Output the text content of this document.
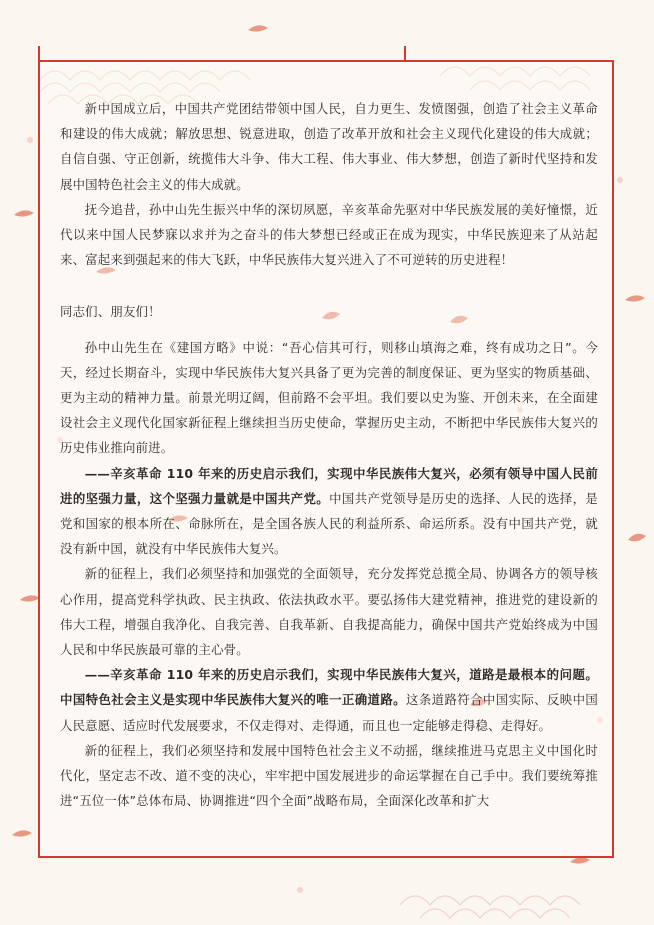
新中国成立后，中国共产党团结带领中国人民，自力更生、发愤图强，创造了社会主义革命和建设的伟大成就；解放思想、锐意进取，创造了改革开放和社会主义现代化建设的伟大成就；自信自强、守正创新，统揽伟大斗争、伟大工程、伟大事业、伟大梦想，创造了新时代坚持和发展中国特色社会主义的伟大成就。

抚今追昔，孙中山先生振兴中华的深切夙愿，辛亥革命先驱对中华民族发展的美好憧憬，近代以来中国人民梦寐以求并为之奋斗的伟大梦想已经或正在成为现实，中华民族迎来了从站起来、富起来到强起来的伟大飞跃，中华民族伟大复兴进入了不可逆转的历史进程！

同志们、朋友们！

孙中山先生在《建国方略》中说：“吾心信其可行，则移山填海之难，终有成功之日”。今天，经过长期奋斗，实现中华民族伟大复兴具备了更为完善的制度保证、更为坚实的物质基础、更为主动的精神力量。前景光明辽阔，但前路不会平坦。我们要以史为鉴、开创未来，在全面建设社会主义现代化国家新征程上继续担当历史使命，掌握历史主动，不断把中华民族伟大复兴的历史伟业推向前进。

——辛亥革命 110 年来的历史启示我们，实现中华民族伟大复兴，必须有领导中国人民前进的坚强力量，这个坚强力量就是中国共产党。中国共产党领导是历史的选择、人民的选择，是党和国家的根本所在、命脉所在，是全国各族人民的利益所系、命运所系。没有中国共产党，就没有新中国，就没有中华民族伟大复兴。

新的征程上，我们必须坚持和加强党的全面领导，充分发挥党总揽全局、协调各方的领导核心作用，提高党科学执政、民主执政、依法执政水平。要弘扬伟大建党精神，推进党的建设新的伟大工程，增强自我净化、自我完善、自我革新、自我提高能力，确保中国共产党始终成为中国人民和中华民族最可靠的主心骨。

——辛亥革命 110 年来的历史启示我们，实现中华民族伟大复兴，道路是最根本的问题。中国特色社会主义是实现中华民族伟大复兴的唯一正确道路。这条道路符合中国实际、反映中国人民意愿、适应时代发展要求，不仅走得对、走得通，而且也一定能够走得稳、走得好。

新的征程上，我们必须坚持和发展中国特色社会主义不动摇，继续推进马克思主义中国化时代化，坚定志不改、道不变的决心，牢牢把中国发展进步的命运掌握在自己手中。我们要统筹推进“五位一体”总体布局、协调推进“四个全面”战略布局，全面深化改革和扩大
